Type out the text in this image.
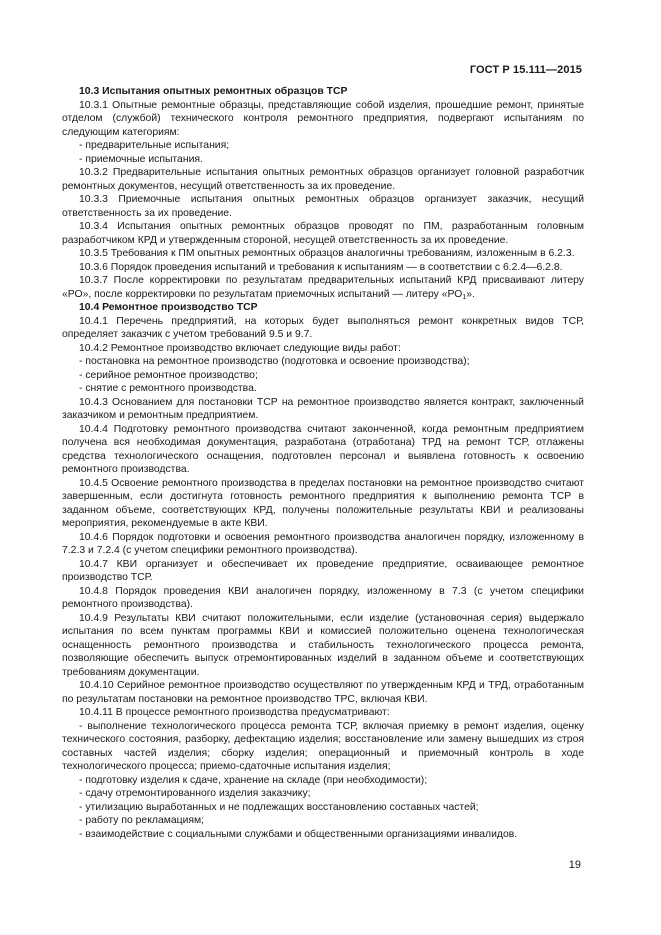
ГОСТ Р 15.111—2015

10.3 Испытания опытных ремонтных образцов ТСР

10.3.1 Опытные ремонтные образцы, представляющие собой изделия, прошедшие ремонт, принятые отделом (службой) технического контроля ремонтного предприятия, подвергают испытаниям по следующим категориям:

- предварительные испытания;

- приемочные испытания.

10.3.2 Предварительные испытания опытных ремонтных образцов организует головной разработчик ремонтных документов, несущий ответственность за их проведение.

10.3.3 Приемочные испытания опытных ремонтных образцов организует заказчик, несущий ответственность за их проведение.

10.3.4 Испытания опытных ремонтных образцов проводят по ПМ, разработанным головным разработчиком КРД и утвержденным стороной, несущей ответственность за их проведение.

10.3.5 Требования к ПМ опытных ремонтных образцов аналогичны требованиям, изложенным в 6.2.3.

10.3.6 Порядок проведения испытаний и требования к испытаниям — в соответствии с 6.2.4—6.2.8.

10.3.7 После корректировки по результатам предварительных испытаний КРД присваивают литеру «РО», после корректировки по результатам приемочных испытаний — литеру «$РО_1$».

10.4 Ремонтное производство ТСР

10.4.1 Перечень предприятий, на которых будет выполняться ремонт конкретных видов ТСР, определяет заказчик с учетом требований 9.5 и 9.7.

10.4.2 Ремонтное производство включает следующие виды работ:

- постановка на ремонтное производство (подготовка и освоение производства);

- серийное ремонтное производство;

- снятие с ремонтного производства.

10.4.3 Основанием для постановки ТСР на ремонтное производство является контракт, заключенный заказчиком и ремонтным предприятием.

10.4.4 Подготовку ремонтного производства считают законченной, когда ремонтным предприятием получена вся необходимая документация, разработана (отработана) ТРД на ремонт ТСР, отлажены средства технологического оснащения, подготовлен персонал и выявлена готовность к освоению ремонтного производства.

10.4.5 Освоение ремонтного производства в пределах постановки на ремонтное производство считают завершенным, если достигнута готовность ремонтного предприятия к выполнению ремонта ТСР в заданном объеме, соответствующих КРД, получены положительные результаты КВИ и реализованы мероприятия, рекомендуемые в акте КВИ.

10.4.6 Порядок подготовки и освоения ремонтного производства аналогичен порядку, изложенному в 7.2.3 и 7.2.4 (с учетом специфики ремонтного производства).

10.4.7 КВИ организует и обеспечивает их проведение предприятие, осваивающее ремонтное производство ТСР.

10.4.8 Порядок проведения КВИ аналогичен порядку, изложенному в 7.3 (с учетом специфики ремонтного производства).

10.4.9 Результаты КВИ считают положительными, если изделие (установочная серия) выдержало испытания по всем пунктам программы КВИ и комиссией положительно оценена технологическая оснащенность ремонтного производства и стабильность технологического процесса ремонта, позволяющие обеспечить выпуск отремонтированных изделий в заданном объеме и соответствующих требованиям документации.

10.4.10 Серийное ремонтное производство осуществляют по утвержденным КРД и ТРД, отработанным по результатам постановки на ремонтное производство ТРС, включая КВИ.

10.4.11 В процессе ремонтного производства предусматривают:

- выполнение технологического процесса ремонта ТСР, включая приемку в ремонт изделия, оценку технического состояния, разборку, дефектацию изделия; восстановление или замену вышедших из строя составных частей изделия; сборку изделия; операционный и приемочный контроль в ходе технологического процесса; приемо-сдаточные испытания изделия;

- подготовку изделия к сдаче, хранение на складе (при необходимости);

- сдачу отремонтированного изделия заказчику;

- утилизацию выработанных и не подлежащих восстановлению составных частей;

- работу по рекламациям;

- взаимодействие с социальными службами и общественными организациями инвалидов.

19
